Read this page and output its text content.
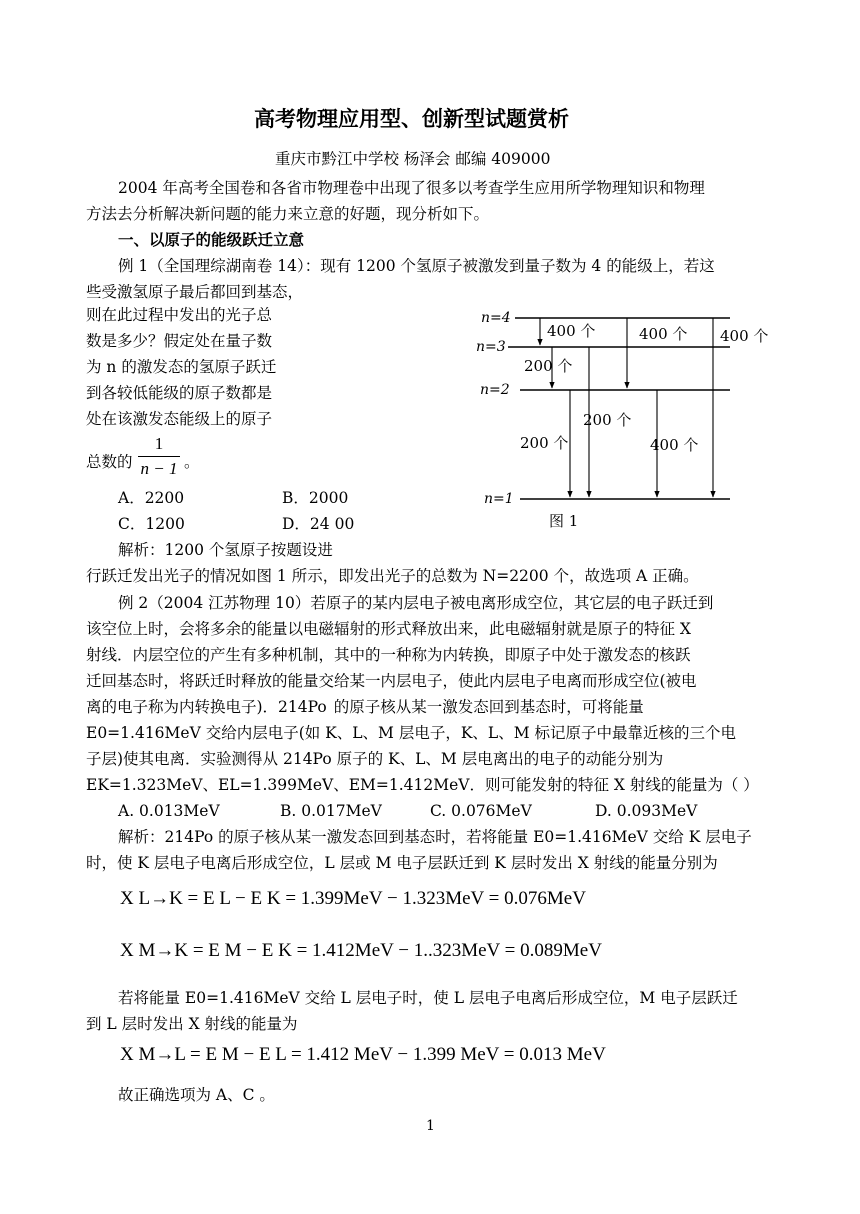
高考物理应用型、创新型试题赏析
重庆市黔江中学校 杨泽会 邮编 409000
2004 年高考全国卷和各省市物理卷中出现了很多以考查学生应用所学物理知识和物理
方法去分析解决新问题的能力来立意的好题，现分析如下。
一、以原子的能级跃迁立意
例 1（全国理综湖南卷 14）：现有 1200 个氢原子被激发到量子数为 4 的能级上，若这
些受激氢原子最后都回到基态，
则在此过程中发出的光子总
数是多少？假定处在量子数
为 n 的激发态的氢原子跃迁
到各较低能级的原子数都是
处在该激发态能级上的原子
总数的
1
n − 1 。
A．2200	B．2000
C．1200	D．24 00
解析：1200 个氢原子按题设进
行跃迁发出光子的情况如图 1 所示，即发出光子的总数为 N=2200 个，故选项 A 正确。
n=4
n=3
n=2
n=1
400 个	400 个 400 个
200 个
200 个
200 个	400 个
图 1
例 2（2004 江苏物理 10）若原子的某内层电子被电离形成空位，其它层的电子跃迁到
该空位上时，会将多余的能量以电磁辐射的形式释放出来，此电磁辐射就是原子的特征 X
射线．内层空位的产生有多种机制，其中的一种称为内转换，即原子中处于激发态的核跃
迁回基态时，将跃迁时释放的能量交给某一内层电子，使此内层电子电离而形成空位(被电
离的电子称为内转换电子)．214Po 的原子核从某一激发态回到基态时，可将能量
E0=1.416MeV 交给内层电子(如 K、L、M 层电子，K、L、M 标记原子中最靠近核的三个电
子层)使其电离．实验测得从 214Po 原子的 K、L、M 层电离出的电子的动能分别为
EK=1.323MeV、EL=1.399MeV、EM=1.412MeV．则可能发射的特征 X 射线的能量为（ ）
A. 0.013MeV	B. 0.017MeV	C. 0.076MeV	D. 0.093MeV
解析：214Po 的原子核从某一激发态回到基态时，若将能量 E0=1.416MeV 交给 K 层电子
时，使 K 层电子电离后形成空位，L 层或 M 电子层跃迁到 K 层时发出 X 射线的能量分别为
X L→K = E L − E K = 1.399MeV − 1.323MeV = 0.076MeV
X M→K = E M − E K = 1.412MeV − 1..323MeV = 0.089MeV
若将能量 E0=1.416MeV 交给 L 层电子时，使 L 层电子电离后形成空位，M 电子层跃迁
到 L 层时发出 X 射线的能量为
X M→L = E M − E L = 1.412 MeV − 1.399 MeV = 0.013 MeV
故正确选项为 A、C 。
1
